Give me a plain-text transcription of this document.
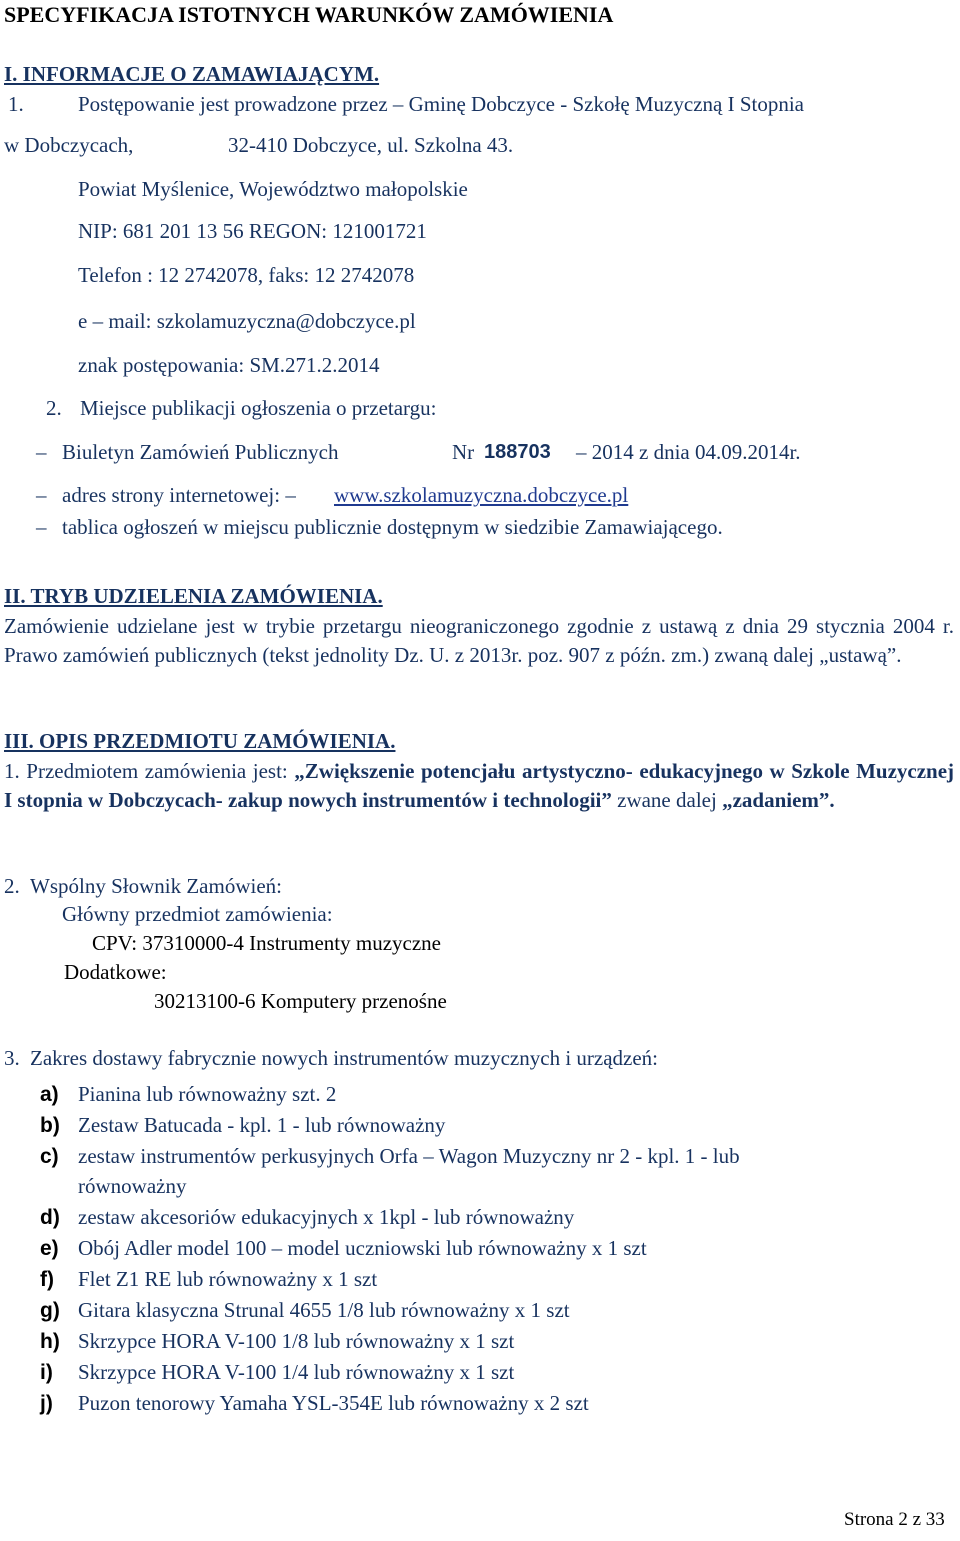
SPECYFIKACJA ISTOTNYCH WARUNKÓW ZAMÓWIENIA
I. INFORMACJE O ZAMAWIAJĄCYM.
1.	Postępowanie jest prowadzone przez – Gminę Dobczyce - Szkołę Muzyczną I Stopnia
w Dobczycach,	32-410 Dobczyce, ul. Szkolna 43.
Powiat Myślenice, Województwo małopolskie
NIP: 681 201 13 56 REGON: 121001721
Telefon : 12 2742078, faks: 12 2742078
e – mail: szkolamuzyczna@dobczyce.pl
znak postępowania: SM.271.2.2014
2. Miejsce publikacji ogłoszenia o przetargu:
– Biuletyn Zamówień Publicznych	Nr 188703 – 2014 z dnia 04.09.2014r.
– adres strony internetowej: – www.szkolamuzyczna.dobczyce.pl
– tablica ogłoszeń w miejscu publicznie dostępnym w siedzibie Zamawiającego.
II. TRYB UDZIELENIA ZAMÓWIENIA.
Zamówienie udzielane jest w trybie przetargu nieograniczonego zgodnie z ustawą z dnia 29 stycznia 2004 r. Prawo zamówień publicznych (tekst jednolity Dz. U. z 2013r. poz. 907 z późn. zm.) zwaną dalej „ustawą”.
III. OPIS PRZEDMIOTU ZAMÓWIENIA.
1. Przedmiotem zamówienia jest: „Zwiększenie potencjału artystyczno- edukacyjnego w Szkole Muzycznej I stopnia w Dobczycach- zakup nowych instrumentów i technologii” zwane dalej „zadaniem”.
2. Wspólny Słownik Zamówień:
Główny przedmiot zamówienia:
CPV: 37310000-4 Instrumenty muzyczne
Dodatkowe:
30213100-6 Komputery przenośne
3. Zakres dostawy fabrycznie nowych instrumentów muzycznych i urządzeń:
a) Pianina lub równoważny szt. 2
b) Zestaw Batucada - kpl. 1 - lub równoważny
c) zestaw instrumentów perkusyjnych Orfa – Wagon Muzyczny nr 2 - kpl. 1 - lub
równoważny
d) zestaw akcesoriów edukacyjnych x 1kpl - lub równoważny
e) Obój Adler model 100 – model uczniowski lub równoważny x 1 szt
f) Flet Z1 RE lub równoważny x 1 szt
g) Gitara klasyczna Strunal 4655 1/8 lub równoważny x 1 szt
h) Skrzypce HORA V-100 1/8 lub równoważny x 1 szt
i) Skrzypce HORA V-100 1/4 lub równoważny x 1 szt
j) Puzon tenorowy Yamaha YSL-354E lub równoważny x 2 szt
Strona 2 z 33
